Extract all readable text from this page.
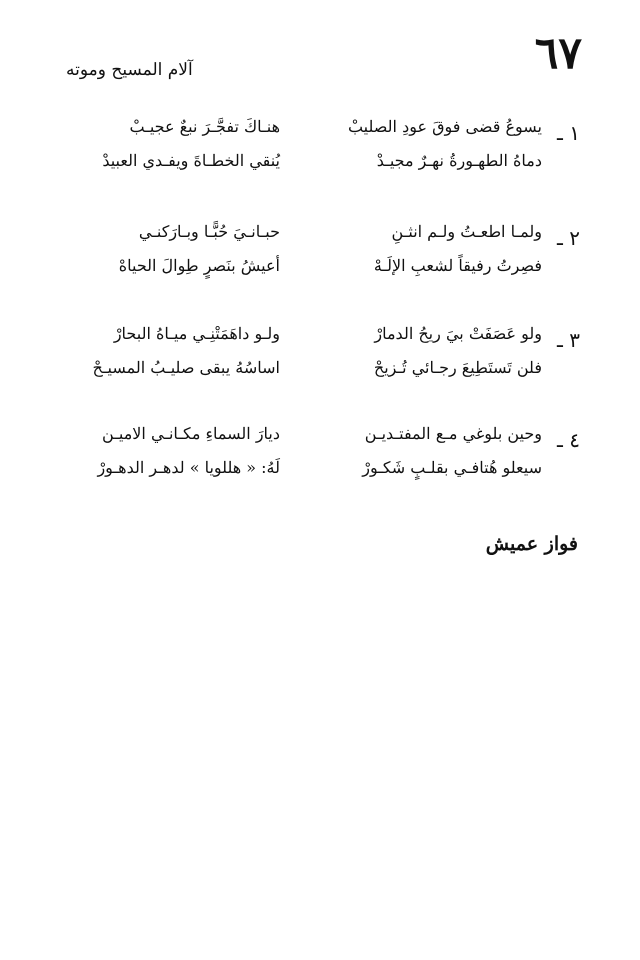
٦٧
آلام المسيح وموته
١ ـ
يسوعُ قضى فوقَ عودِ الصليبْ
هنـاكَ تفجَّـرَ نبعٌ عجيـبْ
دماهُ الطهـورةُ نهـرٌ مجيـدْ
يُنقي الخطـاةَ ويفـدي العبيدْ
٢ ـ
ولمـا اطعـتُ ولـم انثـنِ
حبـانـيَ حُبًّـا وبـارَكنـي
فصِرتُ رفيقاً لشعبِ الإلَـهْ
أعيشُ بنَصرٍ طِوالَ الحياهْ
٣ ـ
ولو عَصَفَتْ بيَ ريحُ الدمارْ
ولـو داهَمَتْنِـي ميـاهُ البحارْ
فلن تَستَطِيعَ رجـائي تُـزيحْ
اساسُهُ يبقى صليـبُ المسيـحْ
٤ ـ
وحين بلوغي مـع المفتـديـن
ديارَ السماءِ مكـانـي الاميـن
سيعلو هُتافـي بقلـبٍ شَكـورْ
لَهُ: « هللويا » لدهـر الدهـورْ
فواز عميش
